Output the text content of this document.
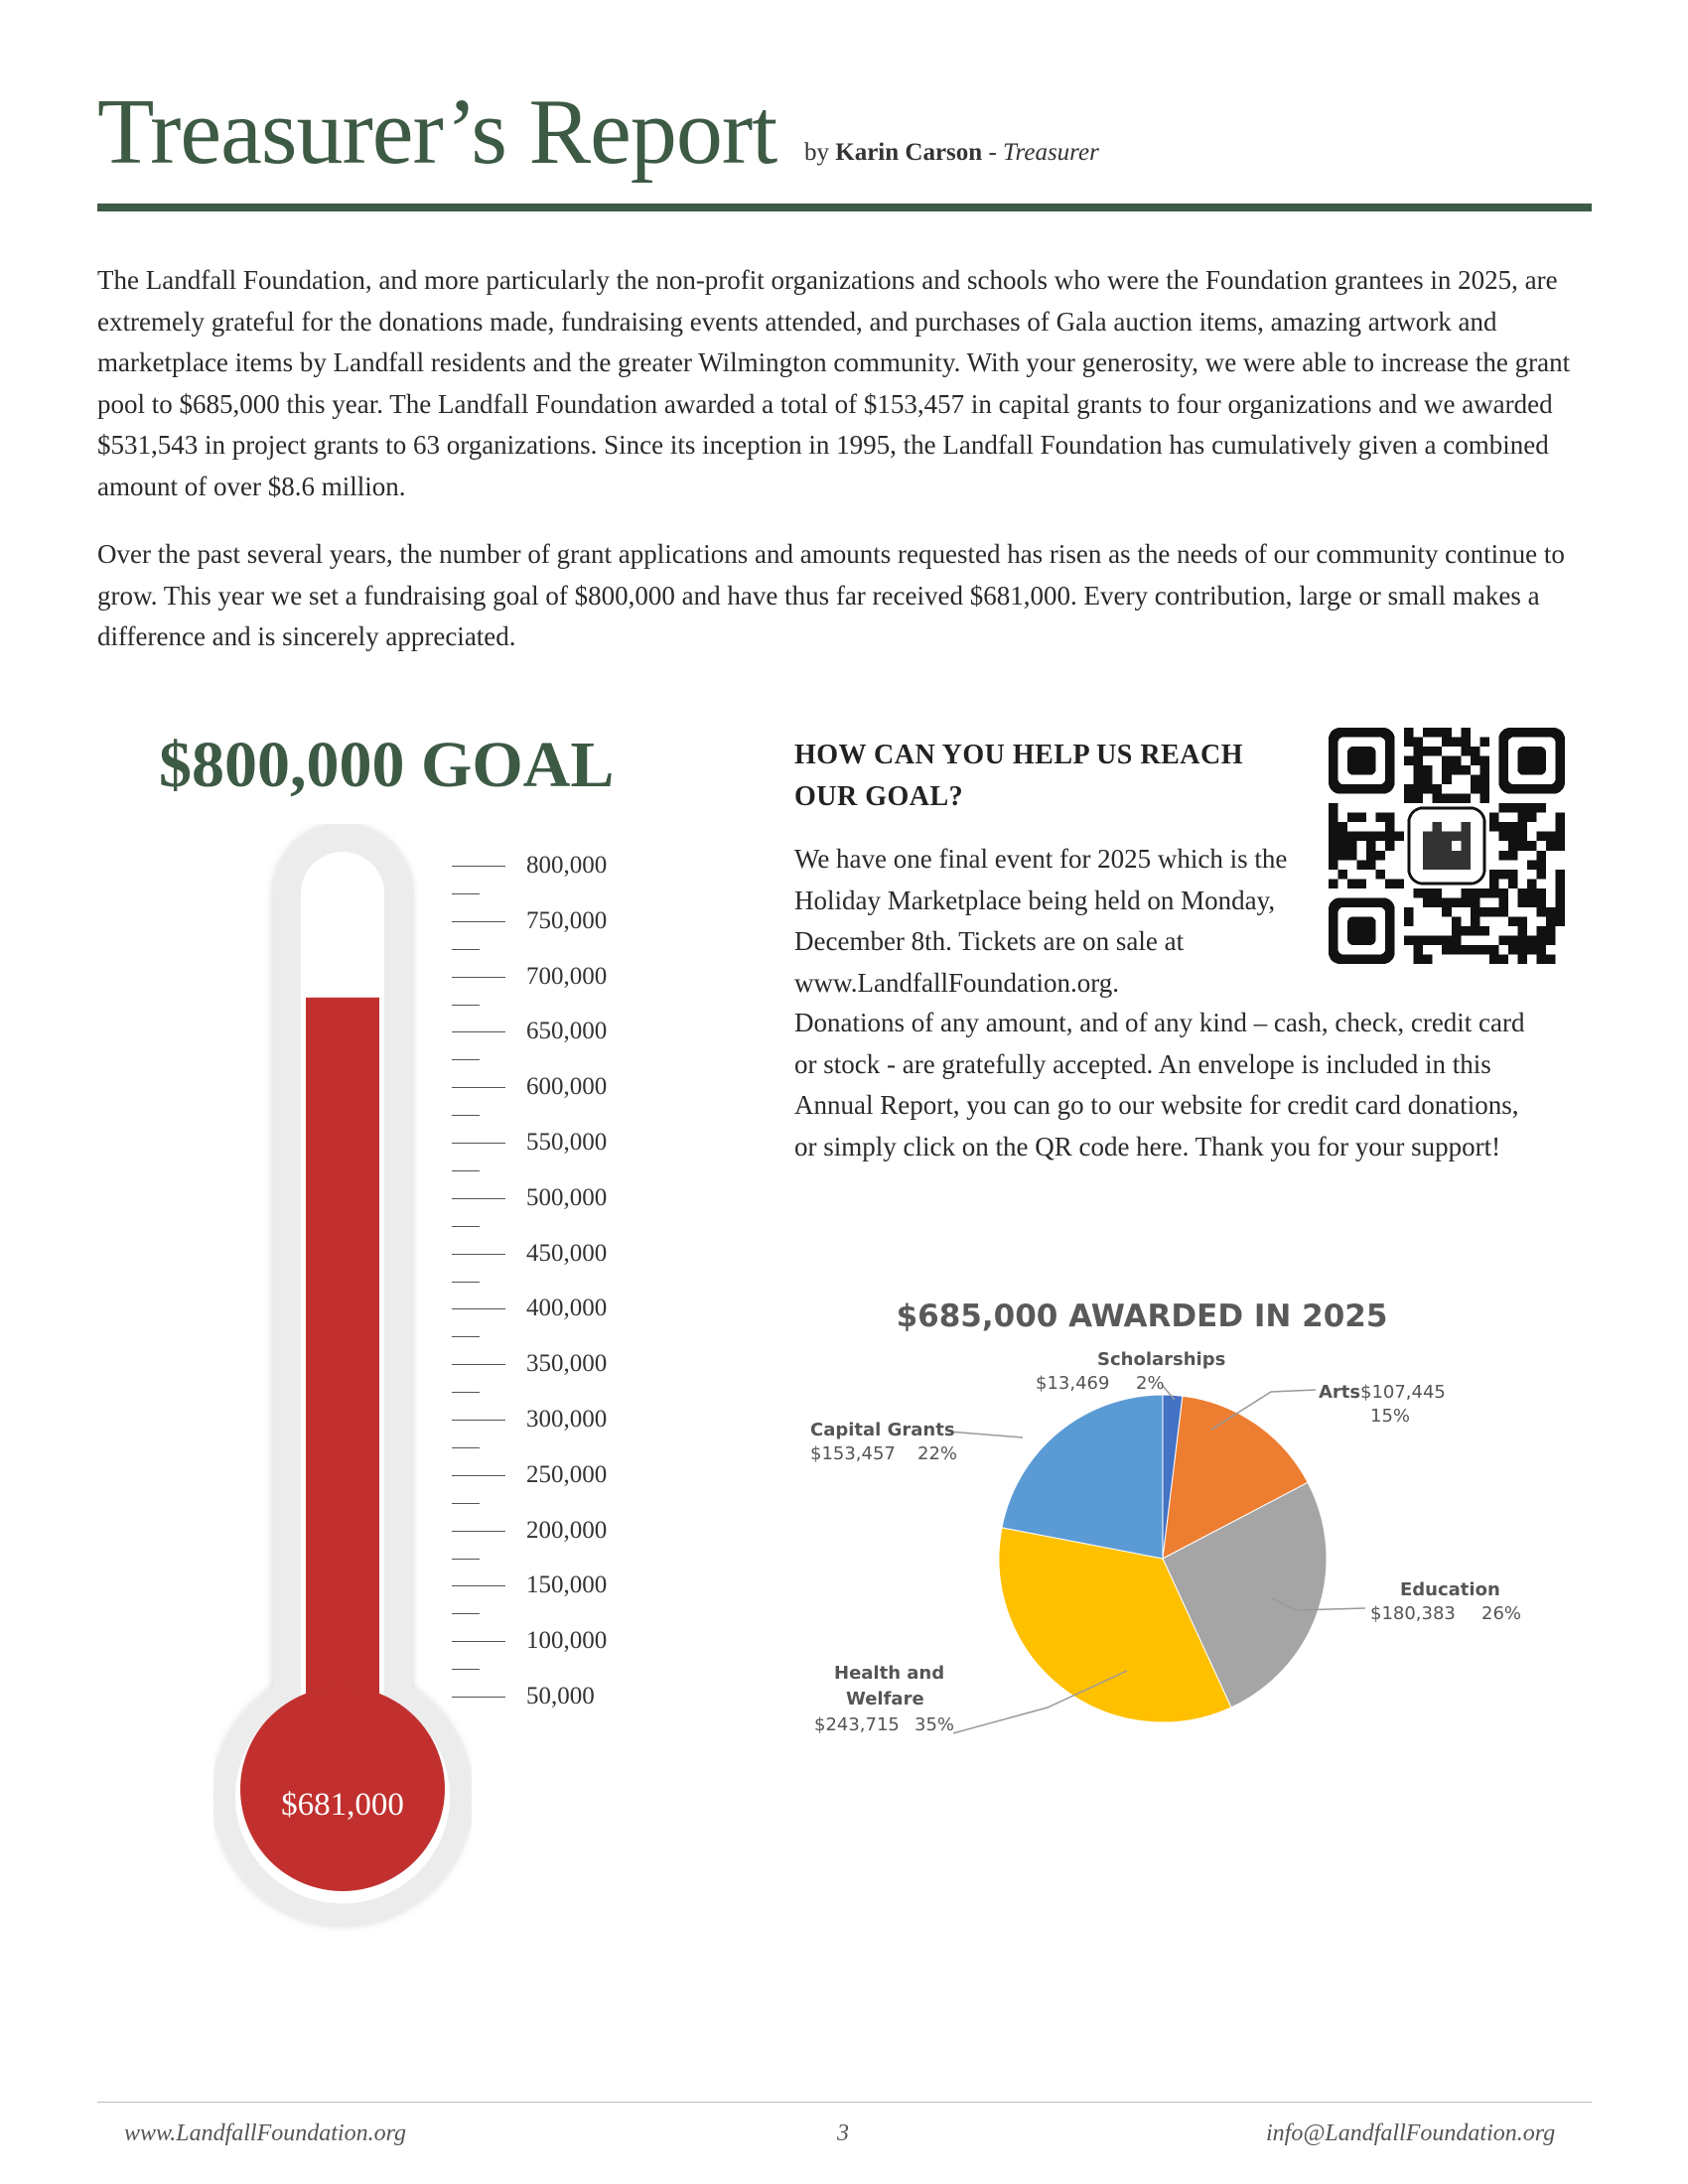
Treasurer’s Report by Karin Carson - Treasurer

The Landfall Foundation, and more particularly the non-profit organizations and schools who were the Foundation grantees in 2025, are extremely grateful for the donations made, fundraising events attended, and purchases of Gala auction items, amazing artwork and marketplace items by Landfall residents and the greater Wilmington community. With your generosity, we were able to increase the grant pool to $685,000 this year. The Landfall Foundation awarded a total of $153,457 in capital grants to four organizations and we awarded $531,543 in project grants to 63 organizations. Since its inception in 1995, the Landfall Foundation has cumulatively given a combined amount of over $8.6 million.

Over the past several years, the number of grant applications and amounts requested has risen as the needs of our community continue to grow. This year we set a fundraising goal of $800,000 and have thus far received $681,000. Every contribution, large or small makes a difference and is sincerely appreciated.

$800,000 GOAL
800,000
750,000
700,000
650,000
600,000
550,000
500,000
450,000
400,000
350,000
300,000
250,000
200,000
150,000
100,000
50,000
$681,000
HOW CAN YOU HELP US REACH OUR GOAL?
We have one final event for 2025 which is the Holiday Marketplace being held on Monday, December 8th. Tickets are on sale at www.LandfallFoundation.org.
Donations of any amount, and of any kind – cash, check, credit card or stock - are gratefully accepted. An envelope is included in this Annual Report, you can go to our website for credit card donations, or simply click on the QR code here. Thank you for your support!
$685,000 AWARDED IN 2025
Scholarships
$13,469 2%	Arts $107,445
15%
Capital Grants
$153,457 22%
Education
$180,383 26%
Health and
Welfare
$243,715 35%
www.LandfallFoundation.org	3	info@LandfallFoundation.org
